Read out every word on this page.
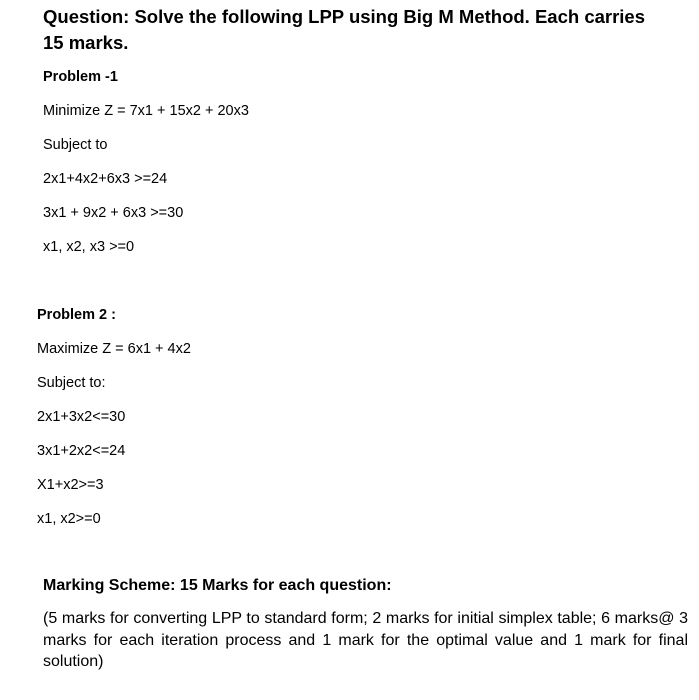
Question: Solve the following LPP using Big M Method. Each carries 15 marks.
Problem -1
Minimize Z = 7x1 + 15x2 + 20x3
Subject to
2x1+4x2+6x3 >=24
3x1 + 9x2 + 6x3 >=30
x1, x2, x3 >=0
Problem 2 :
Maximize Z = 6x1 + 4x2
Subject to:
2x1+3x2<=30
3x1+2x2<=24
X1+x2>=3
x1, x2>=0
Marking Scheme: 15 Marks for each question:
(5 marks for converting LPP to standard form; 2 marks for initial simplex table; 6 marks@ 3 marks for each iteration process and 1 mark for the optimal value and 1 mark for final solution)
